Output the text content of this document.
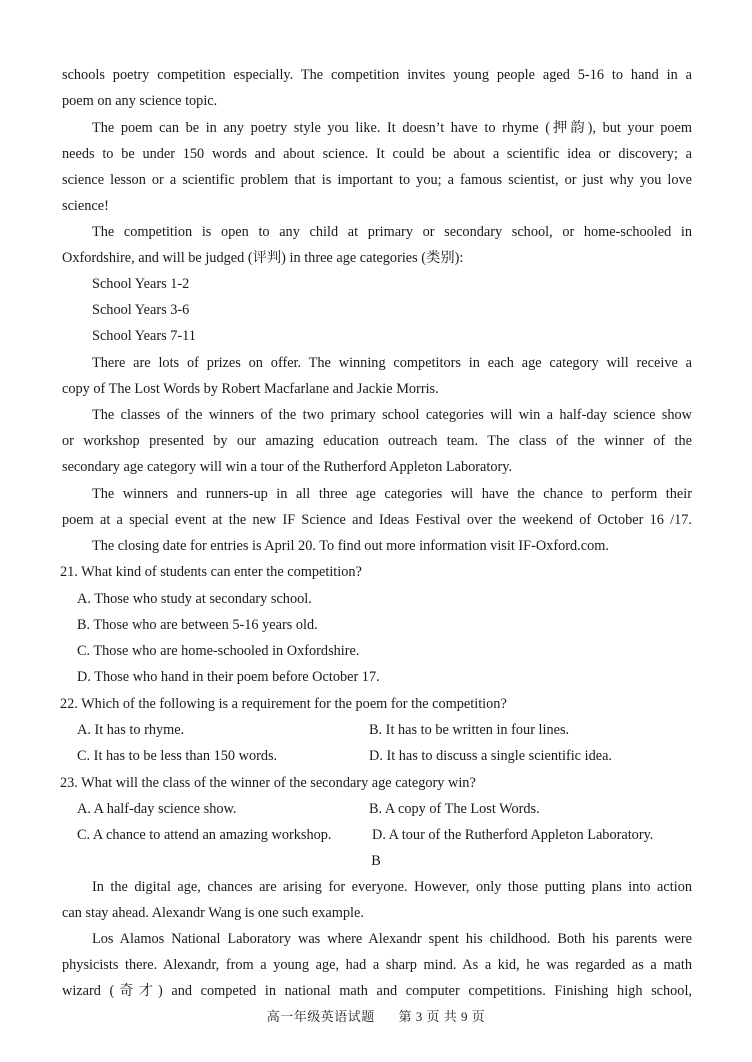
schools poetry competition especially. The competition invites young people aged 5-16 to hand in a
poem on any science topic.
The poem can be in any poetry style you like. It doesn’t have to rhyme (押韵), but your poem
needs to be under 150 words and about science. It could be about a scientific idea or discovery; a
science lesson or a scientific problem that is important to you; a famous scientist, or just why you love
science!
The competition is open to any child at primary or secondary school, or home-schooled in
Oxfordshire, and will be judged (评判) in three age categories (类别):
School Years 1-2
School Years 3-6
School Years 7-11
There are lots of prizes on offer. The winning competitors in each age category will receive a
copy of The Lost Words by Robert Macfarlane and Jackie Morris.
The classes of the winners of the two primary school categories will win a half-day science show
or workshop presented by our amazing education outreach team. The class of the winner of the
secondary age category will win a tour of the Rutherford Appleton Laboratory.
The winners and runners-up in all three age categories will have the chance to perform their
poem at a special event at the new IF Science and Ideas Festival over the weekend of October 16 /17.
The closing date for entries is April 20. To find out more information visit IF-Oxford.com.
21. What kind of students can enter the competition?
A. Those who study at secondary school.
B. Those who are between 5-16 years old.
C. Those who are home-schooled in Oxfordshire.
D. Those who hand in their poem before October 17.
22. Which of the following is a requirement for the poem for the competition?
A. It has to rhyme.	B. It has to be written in four lines.
C. It has to be less than 150 words.	D. It has to discuss a single scientific idea.
23. What will the class of the winner of the secondary age category win?
A. A half-day science show.	B. A copy of The Lost Words.
C. A chance to attend an amazing workshop.	D. A tour of the Rutherford Appleton Laboratory.
B
In the digital age, chances are arising for everyone. However, only those putting plans into action
can stay ahead. Alexandr Wang is one such example.
Los Alamos National Laboratory was where Alexandr spent his childhood. Both his parents were
physicists there. Alexandr, from a young age, had a sharp mind. As a kid, he was regarded as a math
wizard (奇才) and competed in national math and computer competitions. Finishing high school,
高一年级英语试题 第 3 页 共 9 页
